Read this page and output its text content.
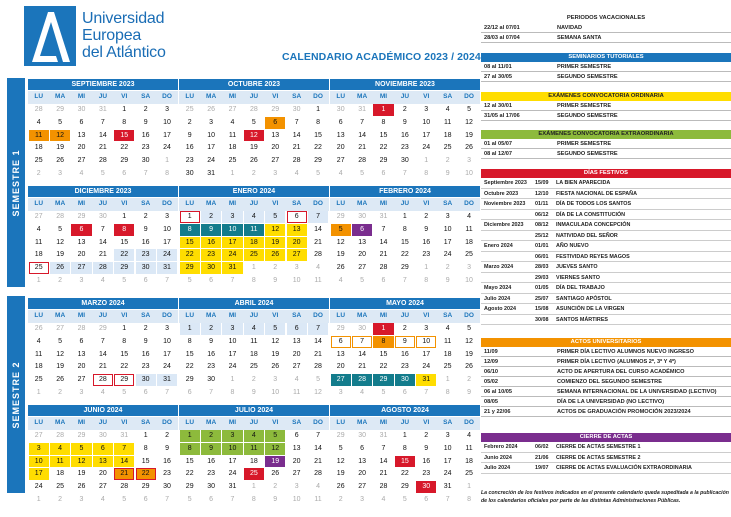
Universidad
Europea
del Atlántico	CALENDARIO ACADÉMICO 2023 / 2024
SEMESTRE 1
SEMESTRE 2
SEPTIEMBRE 2023
LU	MA	MI	JU	VI	SA	DO
28	29	30	31	1	2	3
4	5	6	7	8	9	10
11	12	13	14	15	16	17
18	19	20	21	22	23	24
25	26	27	28	29	30	1
2	3	4	5	6	7	8
OCTUBRE 2023
LU	MA	MI	JU	VI	SA	DO
25	26	27	28	29	30	1
2	3	4	5	6	7	8
9	10	11	12	13	14	15
16	17	18	19	20	21	22
23	24	25	26	27	28	29
30	31	1	2	3	4	5
NOVIEMBRE 2023
LU	MA	MI	JU	VI	SA	DO
30	31	1	2	3	4	5
6	7	8	9	10	11	12
13	14	15	16	17	18	19
20	21	22	23	24	25	26
27	28	29	30	1	2	3
4	5	6	7	8	9	10
DICIEMBRE 2023
LU	MA	MI	JU	VI	SA	DO
27	28	29	30	1	2	3
4	5	6	7	8	9	10
11	12	13	14	15	16	17
18	19	20	21	22	23	24
25	26	27	28	29	30	31
1	2	3	4	5	6	7
ENERO 2024
LU	MA	MI	JU	VI	SA	DO
1	2	3	4	5	6	7
8	9	10	11	12	13	14
15	16	17	18	19	20	21
22	23	24	25	26	27	28
29	30	31	1	2	3	4
5	6	7	8	9	10	11
FEBRERO 2024
LU	MA	MI	JU	VI	SA	DO
29	30	31	1	2	3	4
5	6	7	8	9	10	11
12	13	14	15	16	17	18
19	20	21	22	23	24	25
26	27	28	29	1	2	3
4	5	6	7	8	9	10
MARZO 2024
LU	MA	MI	JU	VI	SA	DO
26	27	28	29	1	2	3
4	5	6	7	8	9	10
11	12	13	14	15	16	17
18	19	20	21	22	23	24
25	26	27	28	29	30	31
1	2	3	4	5	6	7
ABRIL 2024
LU	MA	MI	JU	VI	SA	DO
1	2	3	4	5	6	7
8	9	10	11	12	13	14
15	16	17	18	19	20	21
22	23	24	25	26	27	28
29	30	1	2	3	4	5
6	7	8	9	10	11	12
MAYO 2024
LU	MA	MI	JU	VI	SA	DO
29	30	1	2	3	4	5
6	7	8	9	10	11	12
13	14	15	16	17	18	19
20	21	22	23	24	25	26
27	28	29	30	31	1	2
3	4	5	6	7	8	9
JUNIO 2024
LU	MA	MI	JU	VI	SA	DO
27	28	29	30	31	1	2
3	4	5	6	7	8	9
10	11	12	13	14	15	16
17	18	19	20	21	22	23
24	25	26	27	28	29	30
1	2	3	4	5	6	7
JULIO 2024
LU	MA	MI	JU	VI	SA	DO
1	2	3	4	5	6	7
8	9	10	11	12	13	14
15	16	17	18	19	20	21
22	23	24	25	26	27	28
29	30	31	1	2	3	4
5	6	7	8	9	10	11
AGOSTO 2024
LU	MA	MI	JU	VI	SA	DO
29	30	31	1	2	3	4
5	6	7	8	9	10	11
12	13	14	15	16	17	18
19	20	21	22	23	24	25
26	27	28	29	30	31	1
2	3	4	5	6	7	8
PERIODOS VACACIONALES
22/12 al 07/01	NAVIDAD
28/03 al 07/04	SEMANA SANTA
SEMINARIOS TUTORIALES
08 al 11/01	PRIMER SEMESTRE
27 al 30/05	SEGUNDO SEMESTRE
EXÁMENES CONVOCATORIA ORDINARIA
12 al 30/01	PRIMER SEMESTRE
31/05 al 17/06	SEGUNDO SEMESTRE
EXÁMENES CONVOCATORIA EXTRAORDINARIA
01 al 05/07	PRIMER SEMESTRE
08 al 12/07	SEGUNDO SEMESTRE
DÍAS FESTIVOS
Septiembre 2023	15/09	LA BIEN APARECIDA
Octubre 2023	12/10	FIESTA NACIONAL DE ESPAÑA
Noviembre 2023	01/11	DÍA DE TODOS LOS SANTOS
06/12	DÍA DE LA CONSTITUCIÓN
Diciembre 2023	08/12	INMACULADA CONCEPCIÓN
25/12	NATIVIDAD DEL SEÑOR
Enero 2024	01/01	AÑO NUEVO
06/01	FESTIVIDAD REYES MAGOS
Marzo 2024	28/03	JUEVES SANTO
29/03	VIERNES SANTO
Mayo 2024	01/05	DÍA DEL TRABAJO
Julio 2024	25/07	SANTIAGO APÓSTOL
Agosto 2024	15/08	ASUNCIÓN DE LA VIRGEN
30/08	SANTOS MÁRTIRES
ACTOS UNIVERSITARIOS
11/09	PRIMER DÍA LECTIVO ALUMNOS NUEVO INGRESO
12/09	PRIMER DÍA LECTIVO (ALUMNOS 2º, 3º Y 4º)
06/10	ACTO DE APERTURA DEL CURSO ACADÉMICO
05/02	COMIENZO DEL SEGUNDO SEMESTRE
06 al 10/05	SEMANA INTERNACIONAL DE LA UNIVERSIDAD (LECTIVO)
08/05	DÍA DE LA UNIVERSIDAD (NO LECTIVO)
21 y 22/06	ACTOS DE GRADUACIÓN PROMOCIÓN 2023/2024
CIERRE DE ACTAS
Febrero 2024	06/02	CIERRE DE ACTAS SEMESTRE 1
Junio 2024	21/06	CIERRE DE ACTAS SEMESTRE 2
Julio 2024	19/07	CIERRE DE ACTAS EVALUACIÓN EXTRAORDINARIA
La concreción de los festivos indicados en el presente calendario queda supeditada a la publicación de los calendarios oficiales por parte de las distintas Administraciones Públicas.
